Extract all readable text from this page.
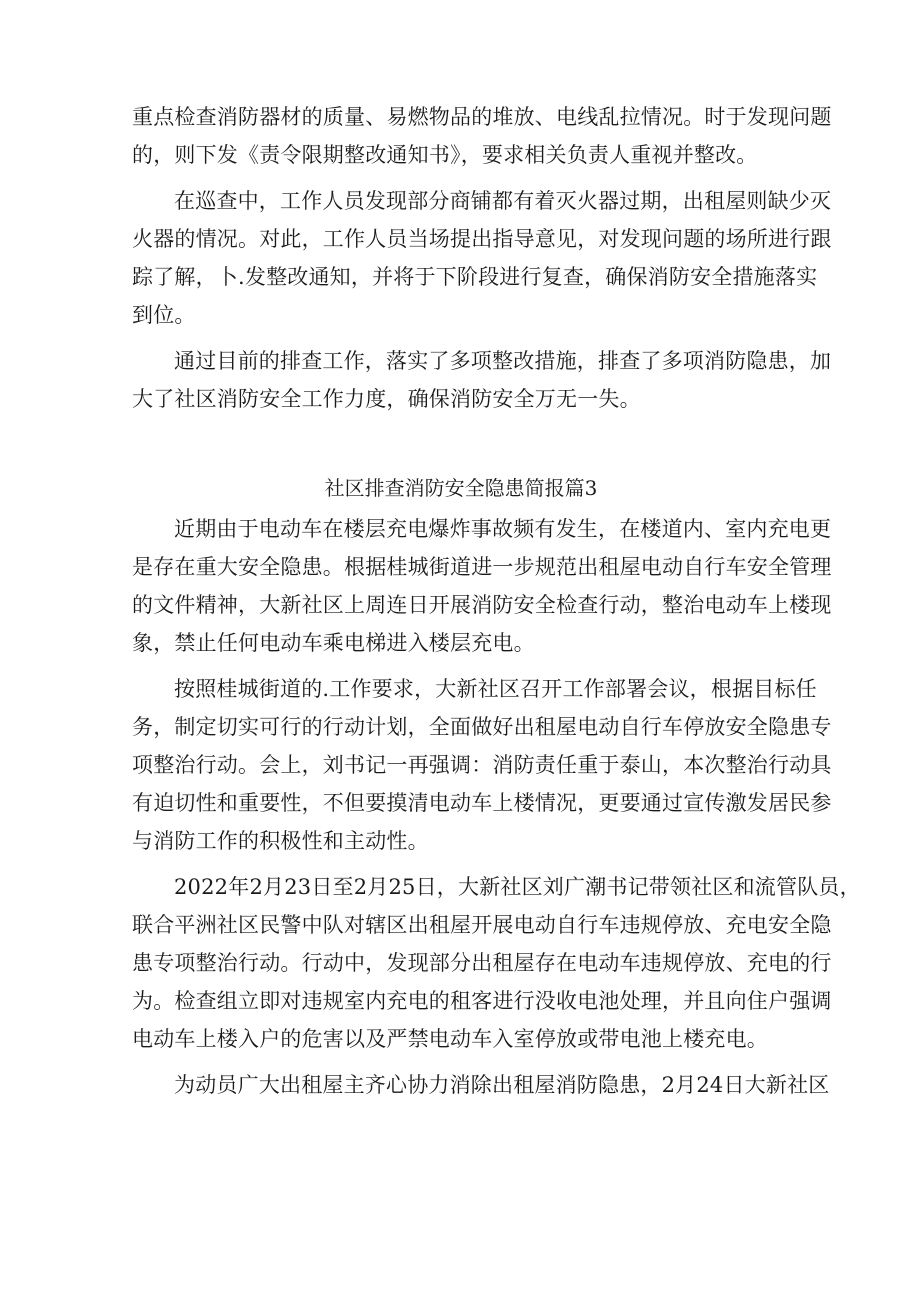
重点检查消防器材的质量、易燃物品的堆放、电线乱拉情况。时于发现问题
的，则下发《责令限期整改通知书》，要求相关负责人重视并整改。
在巡查中，工作人员发现部分商铺都有着灭火器过期，出租屋则缺少灭
火器的情况。对此，工作人员当场提出指导意见，对发现问题的场所进行跟
踪了解，卜.发整改通知，并将于下阶段进行复查，确保消防安全措施落实
到位。
通过目前的排查工作，落实了多项整改措施，排查了多项消防隐患，加
大了社区消防安全工作力度，确保消防安全万无一失。
社区排查消防安全隐患简报篇3
近期由于电动车在楼层充电爆炸事故频有发生，在楼道内、室内充电更
是存在重大安全隐患。根据桂城街道进一步规范出租屋电动自行车安全管理
的文件精神，大新社区上周连日开展消防安全检查行动，整治电动车上楼现
象，禁止任何电动车乘电梯进入楼层充电。
按照桂城街道的.工作要求，大新社区召开工作部署会议，根据目标任
务，制定切实可行的行动计划，全面做好出租屋电动自行车停放安全隐患专
项整治行动。会上，刘书记一再强调：消防责任重于泰山，本次整治行动具
有迫切性和重要性，不但要摸清电动车上楼情况，更要通过宣传激发居民参
与消防工作的积极性和主动性。
2022年2月23日至2月25日，大新社区刘广潮书记带领社区和流管队员，
联合平洲社区民警中队对辖区出租屋开展电动自行车违规停放、充电安全隐
患专项整治行动。行动中，发现部分出租屋存在电动车违规停放、充电的行
为。检查组立即对违规室内充电的租客进行没收电池处理，并且向住户强调
电动车上楼入户的危害以及严禁电动车入室停放或带电池上楼充电。
为动员广大出租屋主齐心协力消除出租屋消防隐患，2月24日大新社区
